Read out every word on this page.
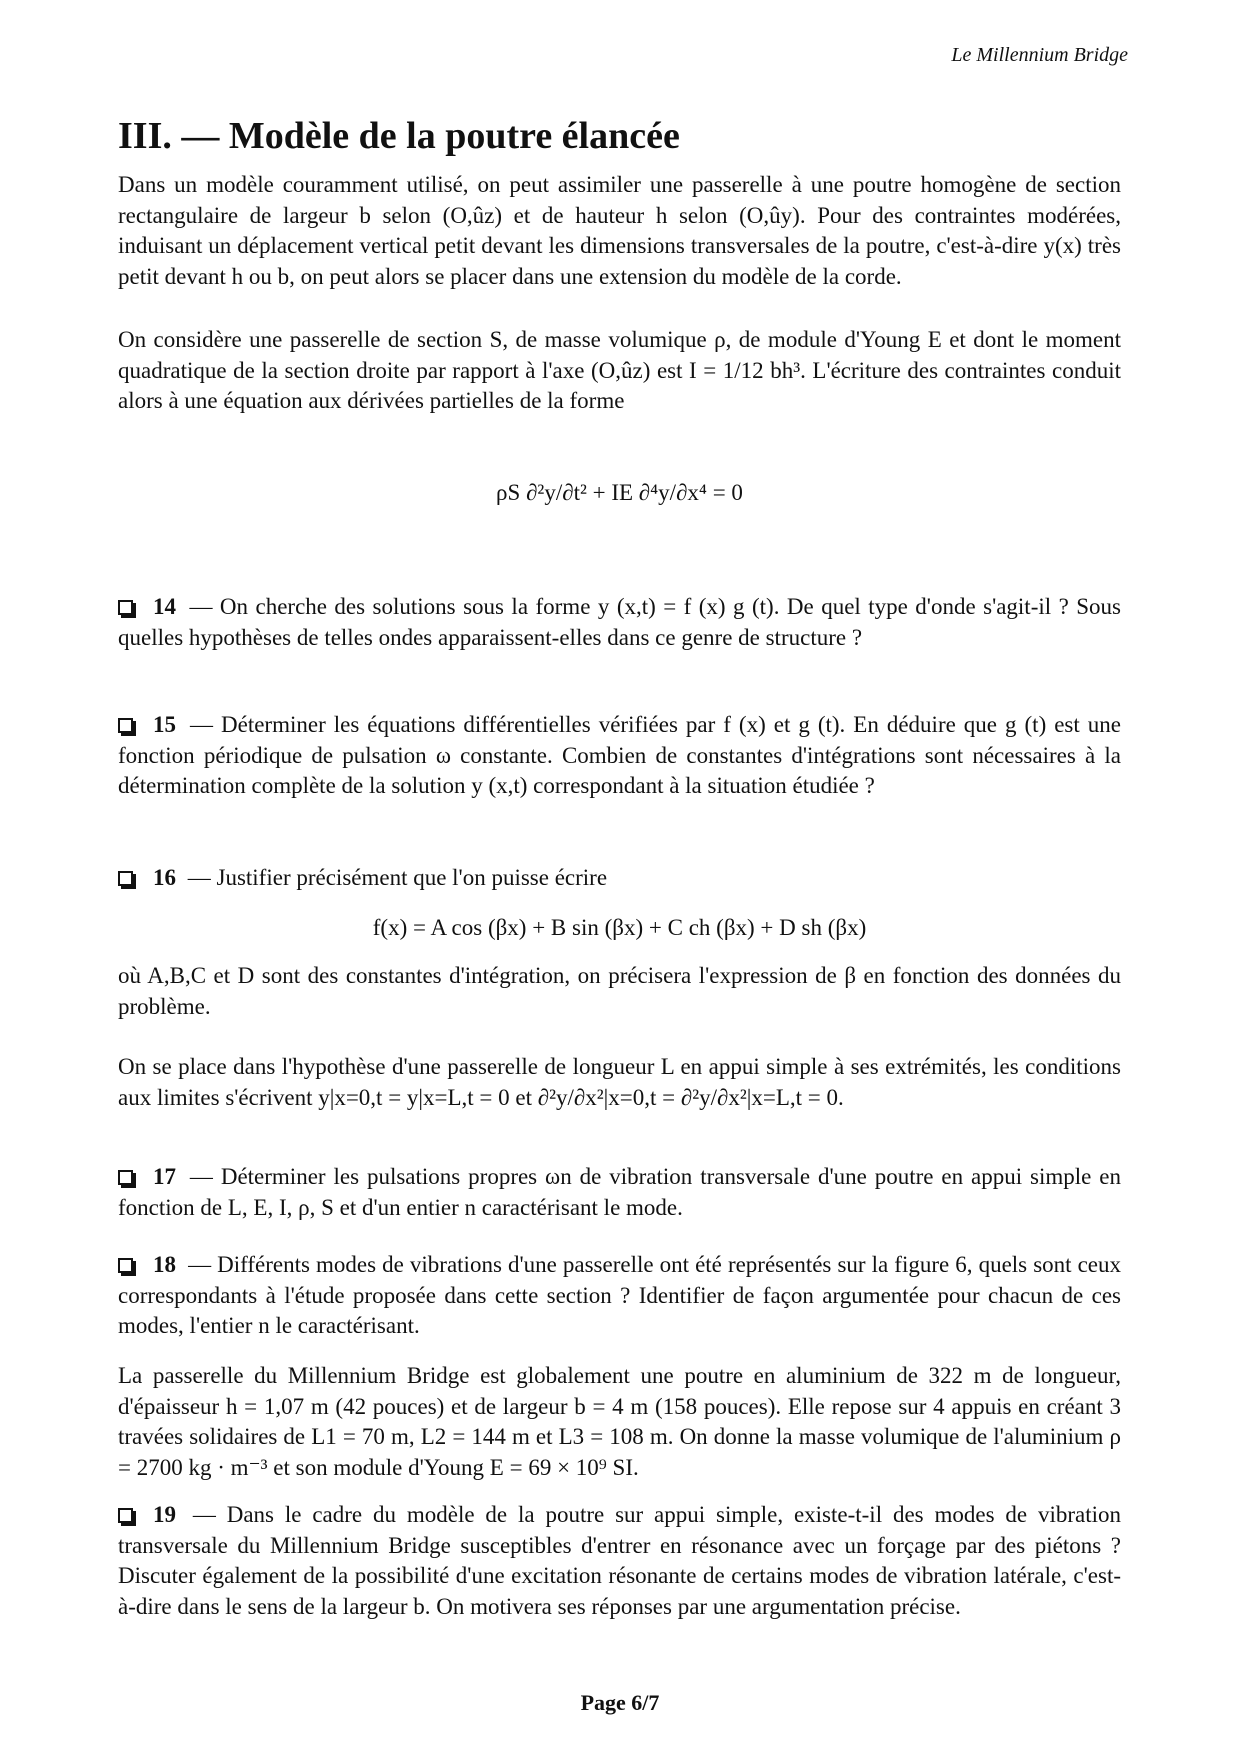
Le Millennium Bridge
III. — Modèle de la poutre élancée

Dans un modèle couramment utilisé, on peut assimiler une passerelle à une poutre homogène de section rectangulaire de largeur b selon (O,ûz) et de hauteur h selon (O,ûy). Pour des contraintes modérées, induisant un déplacement vertical petit devant les dimensions transversales de la poutre, c'est-à-dire y(x) très petit devant h ou b, on peut alors se placer dans une extension du modèle de la corde.

On considère une passerelle de section S, de masse volumique ρ, de module d'Young E et dont le moment quadratique de la section droite par rapport à l'axe (O,ûz) est I = 1/12 bh³. L'écriture des contraintes conduit alors à une équation aux dérivées partielles de la forme

ρS ∂²y/∂t² + IE ∂⁴y/∂x⁴ = 0

14 — On cherche des solutions sous la forme y (x,t) = f (x) g (t). De quel type d'onde s'agit-il ? Sous quelles hypothèses de telles ondes apparaissent-elles dans ce genre de structure ?

15 — Déterminer les équations différentielles vérifiées par f (x) et g (t). En déduire que g (t) est une fonction périodique de pulsation ω constante. Combien de constantes d'intégrations sont nécessaires à la détermination complète de la solution y (x,t) correspondant à la situation étudiée ?

16 — Justifier précisément que l'on puisse écrire

f(x) = A cos (βx) + B sin (βx) + C ch (βx) + D sh (βx)

où A,B,C et D sont des constantes d'intégration, on précisera l'expression de β en fonction des données du problème.

On se place dans l'hypothèse d'une passerelle de longueur L en appui simple à ses extrémités, les conditions aux limites s'écrivent y|x=0,t = y|x=L,t = 0 et ∂²y/∂x²|x=0,t = ∂²y/∂x²|x=L,t = 0.

17 — Déterminer les pulsations propres ωn de vibration transversale d'une poutre en appui simple en fonction de L, E, I, ρ, S et d'un entier n caractérisant le mode.

18 — Différents modes de vibrations d'une passerelle ont été représentés sur la figure 6, quels sont ceux correspondants à l'étude proposée dans cette section ? Identifier de façon argumentée pour chacun de ces modes, l'entier n le caractérisant.

La passerelle du Millennium Bridge est globalement une poutre en aluminium de 322 m de longueur, d'épaisseur h = 1,07 m (42 pouces) et de largeur b = 4 m (158 pouces). Elle repose sur 4 appuis en créant 3 travées solidaires de L1 = 70 m, L2 = 144 m et L3 = 108 m. On donne la masse volumique de l'aluminium ρ = 2700 kg · m⁻³ et son module d'Young E = 69 × 10⁹ SI.

19 — Dans le cadre du modèle de la poutre sur appui simple, existe-t-il des modes de vibration transversale du Millennium Bridge susceptibles d'entrer en résonance avec un forçage par des piétons ? Discuter également de la possibilité d'une excitation résonante de certains modes de vibration latérale, c'est-à-dire dans le sens de la largeur b. On motivera ses réponses par une argumentation précise.

Page 6/7
